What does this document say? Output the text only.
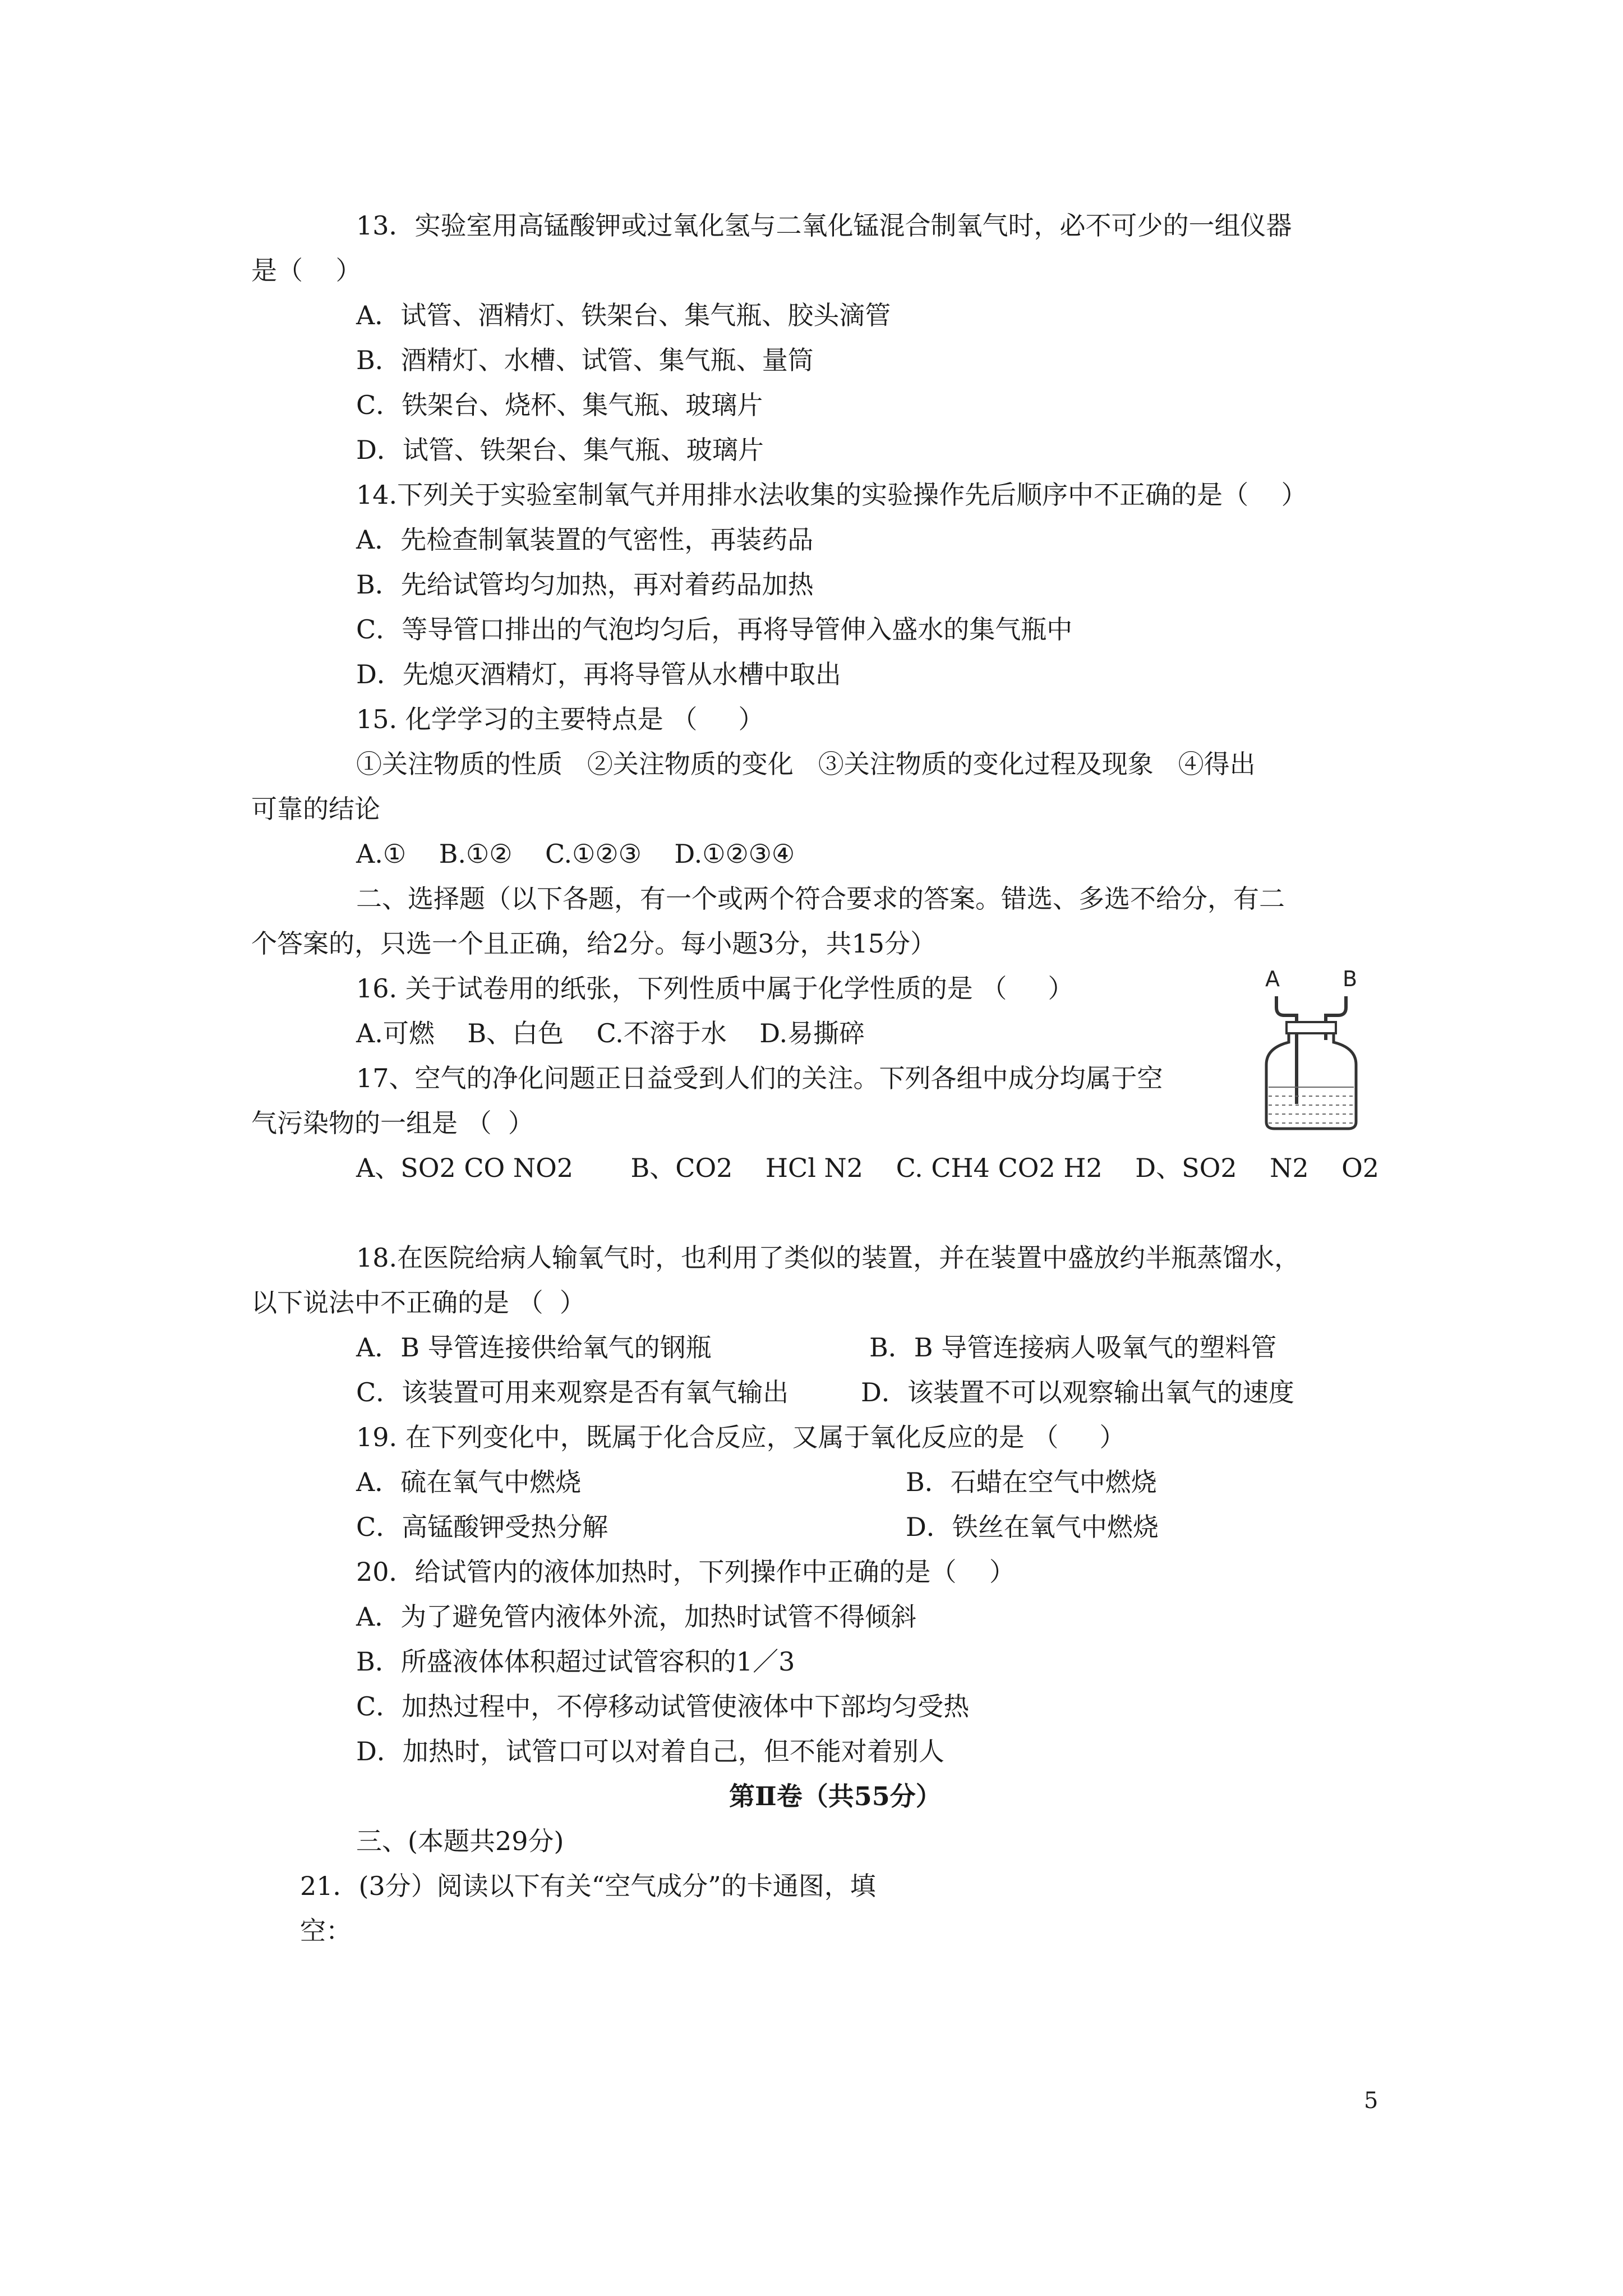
13．实验室用高锰酸钾或过氧化氢与二氧化锰混合制氧气时，必不可少的一组仪器
是（    ）
A．试管、酒精灯、铁架台、集气瓶、胶头滴管
B．酒精灯、水槽、试管、集气瓶、量筒
C．铁架台、烧杯、集气瓶、玻璃片
D．试管、铁架台、集气瓶、玻璃片
14.下列关于实验室制氧气并用排水法收集的实验操作先后顺序中不正确的是（    ）
A．先检查制氧装置的气密性，再装药品
B．先给试管均匀加热，再对着药品加热
C．等导管口排出的气泡均匀后，再将导管伸入盛水的集气瓶中
D．先熄灭酒精灯，再将导管从水槽中取出
15. 化学学习的主要特点是 （     ）
①关注物质的性质   ②关注物质的变化   ③关注物质的变化过程及现象   ④得出
可靠的结论
A.①    B.①②    C.①②③    D.①②③④
二、选择题（以下各题，有一个或两个符合要求的答案。错选、多选不给分，有二
个答案的，只选一个且正确，给2分。每小题3分，共15分）
16. 关于试卷用的纸张，下列性质中属于化学性质的是 （     ）
A.可燃    B、白色    C.不溶于水    D.易撕碎
17、空气的净化问题正日益受到人们的关注。下列各组中成分均属于空
气污染物的一组是 （  ）
A、SO2 CO NO2       B、CO2    HCl N2    C. CH4 CO2 H2    D、SO2    N2    O2
A	B
18.在医院给病人输氧气时，也利用了类似的装置，并在装置中盛放约半瓶蒸馏水，
以下说法中不正确的是 （  ）
A．B 导管连接供给氧气的钢瓶	B．B 导管连接病人吸氧气的塑料管
C．该装置可用来观察是否有氧气输出	D．该装置不可以观察输出氧气的速度
19. 在下列变化中，既属于化合反应，又属于氧化反应的是 （     ）
A．硫在氧气中燃烧	B．石蜡在空气中燃烧
C．高锰酸钾受热分解	D．铁丝在氧气中燃烧
20．给试管内的液体加热时，下列操作中正确的是（    ）
A．为了避免管内液体外流，加热时试管不得倾斜
B．所盛液体体积超过试管容积的1／3
C．加热过程中，不停移动试管使液体中下部均匀受热
D．加热时，试管口可以对着自己，但不能对着别人
第Ⅱ卷（共55分）
三、(本题共29分)
21．(3分）阅读以下有关“空气成分”的卡通图，填
空：
5
